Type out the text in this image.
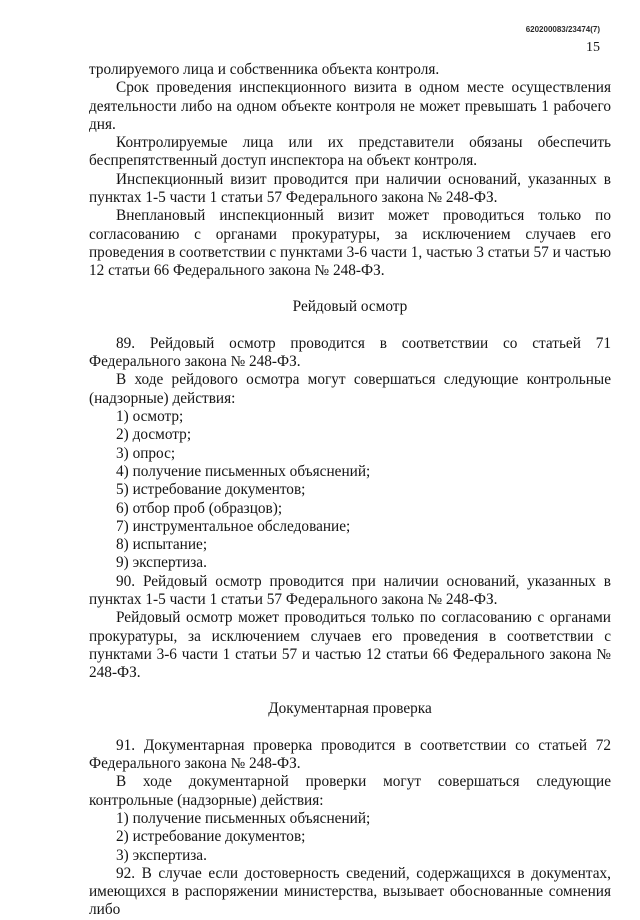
620200083/23474(7)
15

тролируемого лица и собственника объекта контроля.

Срок проведения инспекционного визита в одном месте осуществления деятельности либо на одном объекте контроля не может превышать 1 рабочего дня.

Контролируемые лица или их представители обязаны обеспечить беспрепятственный доступ инспектора на объект контроля.

Инспекционный визит проводится при наличии оснований, указанных в пунктах 1-5 части 1 статьи 57 Федерального закона № 248-ФЗ.

Внеплановый инспекционный визит может проводиться только по согласованию с органами прокуратуры, за исключением случаев его проведения в соответствии с пунктами 3-6 части 1, частью 3 статьи 57 и частью 12 статьи 66 Федерального закона № 248-ФЗ.

Рейдовый осмотр

89. Рейдовый осмотр проводится в соответствии со статьей 71 Федерального закона № 248-ФЗ.

В ходе рейдового осмотра могут совершаться следующие контрольные (надзорные) действия:

1) осмотр;

2) досмотр;

3) опрос;

4) получение письменных объяснений;

5) истребование документов;

6) отбор проб (образцов);

7) инструментальное обследование;

8) испытание;

9) экспертиза.

90. Рейдовый осмотр проводится при наличии оснований, указанных в пунктах 1-5 части 1 статьи 57 Федерального закона № 248-ФЗ.

Рейдовый осмотр может проводиться только по согласованию с органами прокуратуры, за исключением случаев его проведения в соответствии с пунктами 3-6 части 1 статьи 57 и частью 12 статьи 66 Федерального закона № 248-ФЗ.

Документарная проверка

91. Документарная проверка проводится в соответствии со статьей 72 Федерального закона № 248-ФЗ.

В ходе документарной проверки могут совершаться следующие контрольные (надзорные) действия:

1) получение письменных объяснений;

2) истребование документов;

3) экспертиза.

92. В случае если достоверность сведений, содержащихся в документах, имеющихся в распоряжении министерства, вызывает обоснованные сомнения либо
